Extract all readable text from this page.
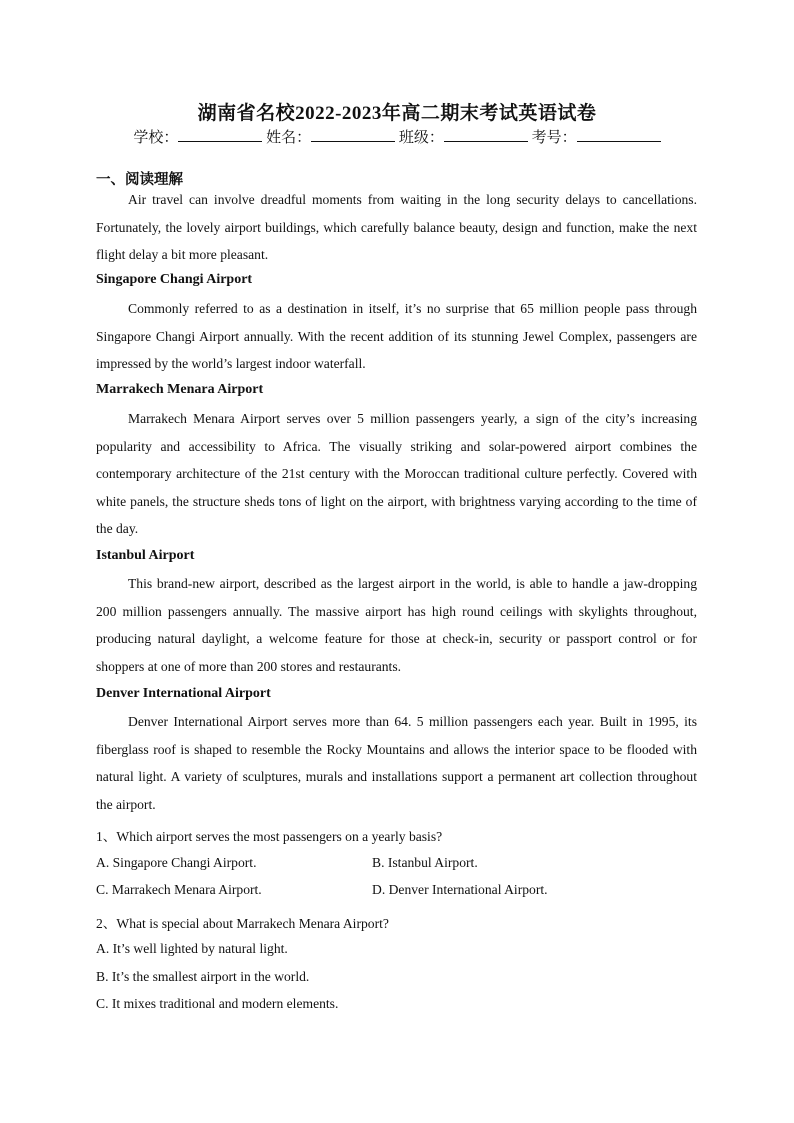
湖南省名校2022-2023年高二期末考试英语试卷
学校：	姓名：	班级：	考号：
一、阅读理解

Air travel can involve dreadful moments from waiting in the long security delays to cancellations. Fortunately, the lovely airport buildings, which carefully balance beauty, design and function, make the next flight delay a bit more pleasant.

Singapore Changi Airport

Commonly referred to as a destination in itself, it’s no surprise that 65 million people pass through Singapore Changi Airport annually. With the recent addition of its stunning Jewel Complex, passengers are impressed by the world’s largest indoor waterfall.

Marrakech Menara Airport

Marrakech Menara Airport serves over 5 million passengers yearly, a sign of the city’s increasing popularity and accessibility to Africa. The visually striking and solar-powered airport combines the contemporary architecture of the 21st century with the Moroccan traditional culture perfectly. Covered with white panels, the structure sheds tons of light on the airport, with brightness varying according to the time of the day.

Istanbul Airport

This brand-new airport, described as the largest airport in the world, is able to handle a jaw-dropping 200 million passengers annually. The massive airport has high round ceilings with skylights throughout, producing natural daylight, a welcome feature for those at check-in, security or passport control or for shoppers at one of more than 200 stores and restaurants.

Denver International Airport

Denver International Airport serves more than 64. 5 million passengers each year. Built in 1995, its fiberglass roof is shaped to resemble the Rocky Mountains and allows the interior space to be flooded with natural light. A variety of sculptures, murals and installations support a permanent art collection throughout the airport.

1、Which airport serves the most passengers on a yearly basis?
A. Singapore Changi Airport.	B. Istanbul Airport.
C. Marrakech Menara Airport.	D. Denver International Airport.
2、What is special about Marrakech Menara Airport?
A. It’s well lighted by natural light.
B. It’s the smallest airport in the world.
C. It mixes traditional and modern elements.
